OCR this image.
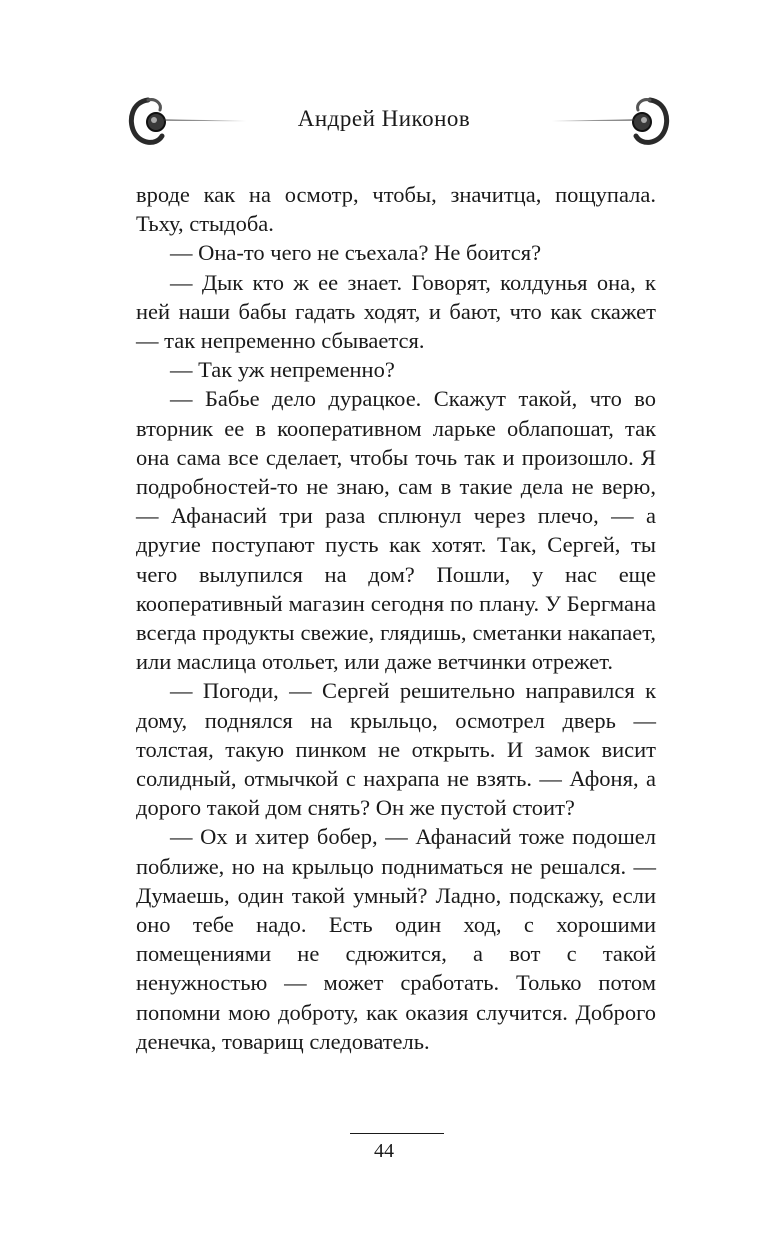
Андрей Никонов

вроде как на осмотр, чтобы, значитца, пощупала. Тьху, стыдоба.

— Она-то чего не съехала? Не боится?

— Дык кто ж ее знает. Говорят, колдунья она, к ней наши бабы гадать ходят, и бают, что как скажет — так непременно сбывается.

— Так уж непременно?

— Бабье дело дурацкое. Скажут такой, что во вторник ее в кооперативном ларьке облапошат, так она сама все сделает, чтобы точь так и произошло. Я подробностей-то не знаю, сам в такие дела не верю, — Афанасий три раза сплюнул через плечо, — а другие поступают пусть как хотят. Так, Сергей, ты чего вылупился на дом? Пошли, у нас еще кооперативный магазин сегодня по плану. У Бергмана всегда продукты свежие, глядишь, сметанки накапает, или маслица отольет, или даже ветчинки отрежет.

— Погоди, — Сергей решительно направился к дому, поднялся на крыльцо, осмотрел дверь — толстая, такую пинком не открыть. И замок висит солидный, отмычкой с нахрапа не взять. — Афоня, а дорого такой дом снять? Он же пустой стоит?

— Ох и хитер бобер, — Афанасий тоже подошел поближе, но на крыльцо подниматься не решался. — Думаешь, один такой умный? Ладно, подскажу, если оно тебе надо. Есть один ход, с хорошими помещениями не сдюжится, а вот с такой ненужностью — может сработать. Только потом попомни мою доброту, как оказия случится. Доброго денечка, товарищ следователь.

44
